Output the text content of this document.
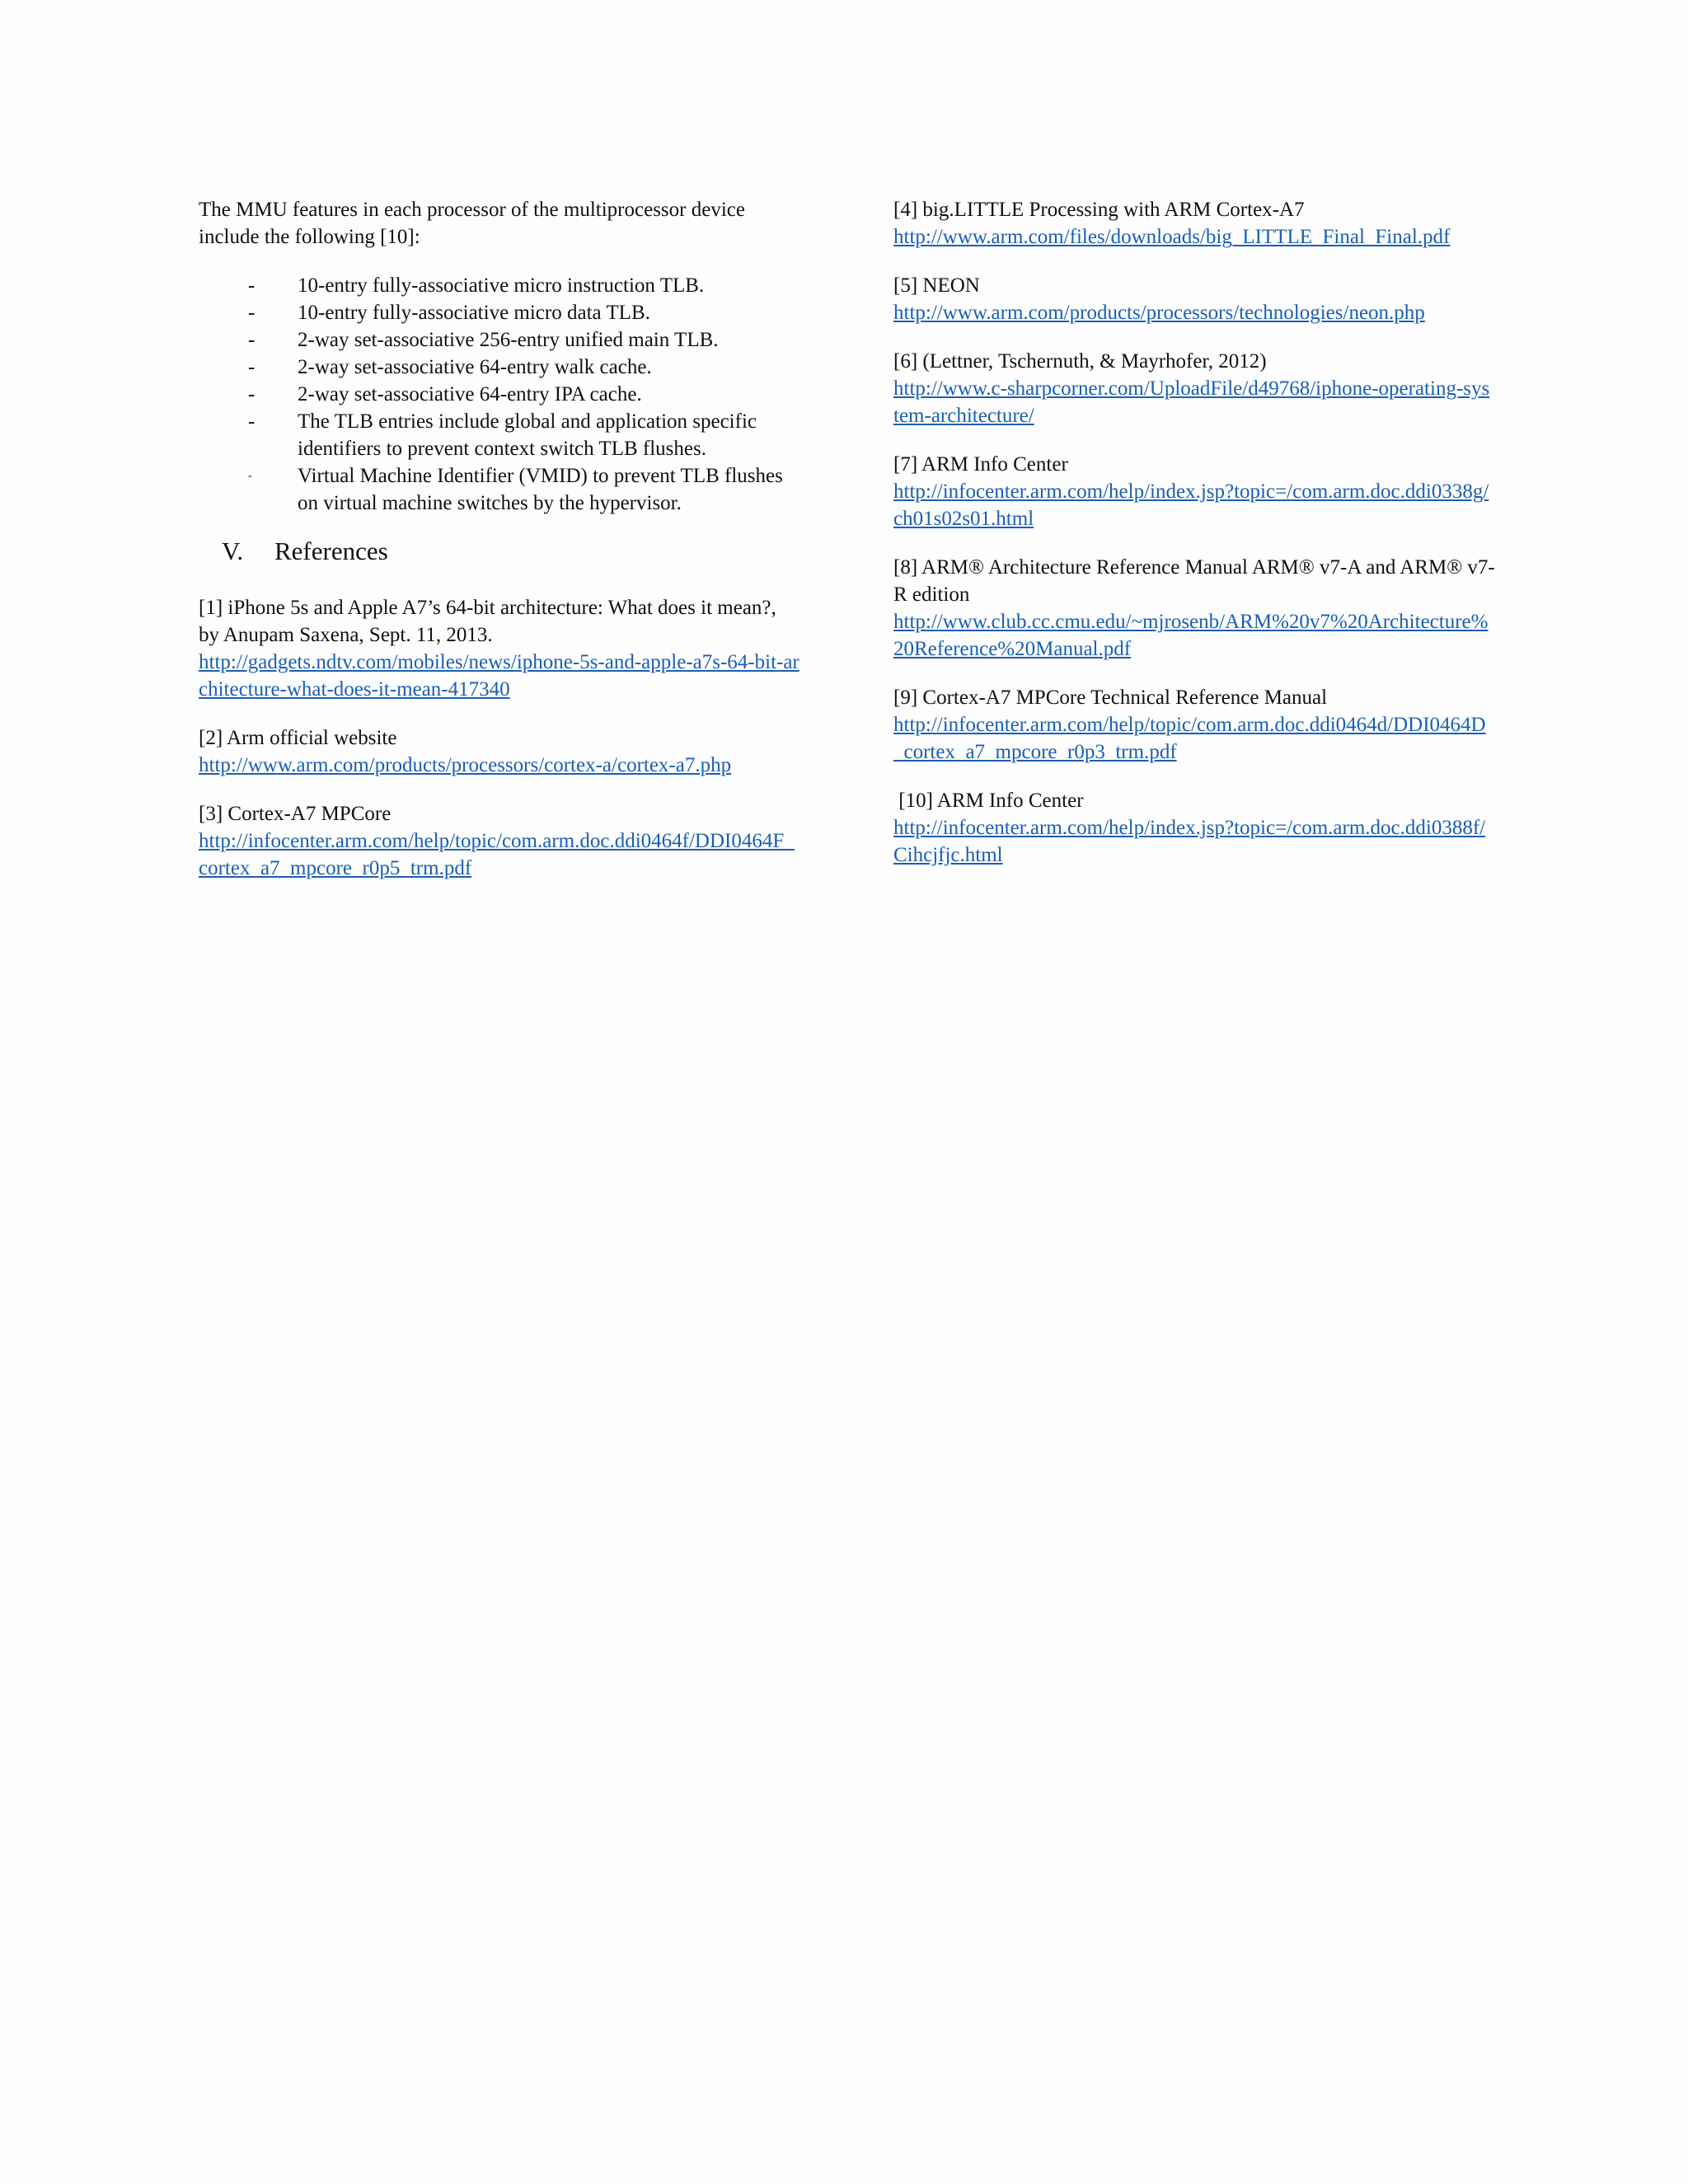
The MMU features in each processor of the multiprocessor device include the following [10]:

- 10-entry fully-associative micro instruction TLB.
- 10-entry fully-associative micro data TLB.
- 2-way set-associative 256-entry unified main TLB.
- 2-way set-associative 64-entry walk cache.
- 2-way set-associative 64-entry IPA cache.
- The TLB entries include global and application specific identifiers to prevent context switch TLB flushes.
- Virtual Machine Identifier (VMID) to prevent TLB flushes on virtual machine switches by the hypervisor.
V.	References

[1] iPhone 5s and Apple A7’s 64-bit architecture: What does it mean?, by Anupam Saxena, Sept. 11, 2013.

http://gadgets.ndtv.com/mobiles/news/iphone-5s-and-apple-a7s-64-bit-architecture-what-does-it-mean-417340

[2] Arm official website

http://www.arm.com/products/processors/cortex-a/cortex-a7.php

[3] Cortex-A7 MPCore

http://infocenter.arm.com/help/topic/com.arm.doc.ddi0464f/DDI0464F_cortex_a7_mpcore_r0p5_trm.pdf

[4] big.LITTLE Processing with ARM Cortex-A7

http://www.arm.com/files/downloads/big_LITTLE_Final_Final.pdf

[5] NEON

http://www.arm.com/products/processors/technologies/neon.php

[6] (Lettner, Tschernuth, & Mayrhofer, 2012)

http://www.c-sharpcorner.com/UploadFile/d49768/iphone-operating-system-architecture/

[7] ARM Info Center

http://infocenter.arm.com/help/index.jsp?topic=/com.arm.doc.ddi0338g/ch01s02s01.html

[8] ARM® Architecture Reference Manual ARM® v7-A and ARM® v7-R edition

http://www.club.cc.cmu.edu/~mjrosenb/ARM%20v7%20Architecture%20Reference%20Manual.pdf

[9] Cortex-A7 MPCore Technical Reference Manual

http://infocenter.arm.com/help/topic/com.arm.doc.ddi0464d/DDI0464D_cortex_a7_mpcore_r0p3_trm.pdf

[10] ARM Info Center

http://infocenter.arm.com/help/index.jsp?topic=/com.arm.doc.ddi0388f/Cihcjfjc.html
